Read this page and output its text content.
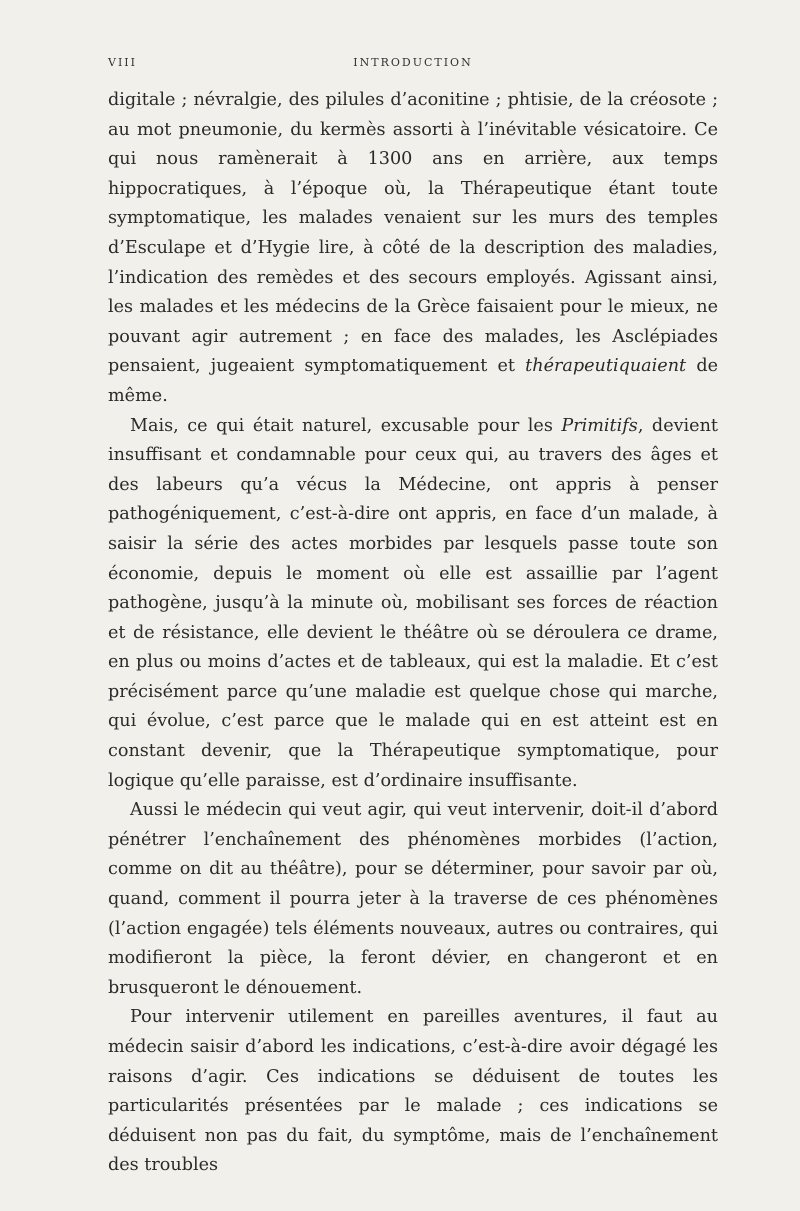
VIII	INTRODUCTION

digitale ; névralgie, des pilules d’aconitine ; phtisie, de la créosote ; au mot pneumonie, du kermès assorti à l’inévitable vésicatoire. Ce qui nous ramènerait à 1300 ans en arrière, aux temps hippocratiques, à l’époque où, la Thérapeutique étant toute symptomatique, les malades venaient sur les murs des temples d’Esculape et d’Hygie lire, à côté de la description des maladies, l’indication des remèdes et des secours employés. Agissant ainsi, les malades et les médecins de la Grèce faisaient pour le mieux, ne pouvant agir autrement ; en face des malades, les Asclépiades pensaient, jugeaient symptomatiquement et thérapeutiquaient de même.

Mais, ce qui était naturel, excusable pour les Primitifs, devient insuffisant et condamnable pour ceux qui, au travers des âges et des labeurs qu’a vécus la Médecine, ont appris à penser pathogéniquement, c’est-à-dire ont appris, en face d’un malade, à saisir la série des actes morbides par lesquels passe toute son économie, depuis le moment où elle est assaillie par l’agent pathogène, jusqu’à la minute où, mobilisant ses forces de réaction et de résistance, elle devient le théâtre où se déroulera ce drame, en plus ou moins d’actes et de tableaux, qui est la maladie. Et c’est précisément parce qu’une maladie est quelque chose qui marche, qui évolue, c’est parce que le malade qui en est atteint est en constant devenir, que la Thérapeutique symptomatique, pour logique qu’elle paraisse, est d’ordinaire insuffisante.

Aussi le médecin qui veut agir, qui veut intervenir, doit-il d’abord pénétrer l’enchaînement des phénomènes morbides (l’action, comme on dit au théâtre), pour se déterminer, pour savoir par où, quand, comment il pourra jeter à la traverse de ces phénomènes (l’action engagée) tels éléments nouveaux, autres ou contraires, qui modifieront la pièce, la feront dévier, en changeront et en brusqueront le dénouement.

Pour intervenir utilement en pareilles aventures, il faut au médecin saisir d’abord les indications, c’est-à-dire avoir dégagé les raisons d’agir. Ces indications se déduisent de toutes les particularités présentées par le malade ; ces indications se déduisent non pas du fait, du symptôme, mais de l’enchaînement des troubles
